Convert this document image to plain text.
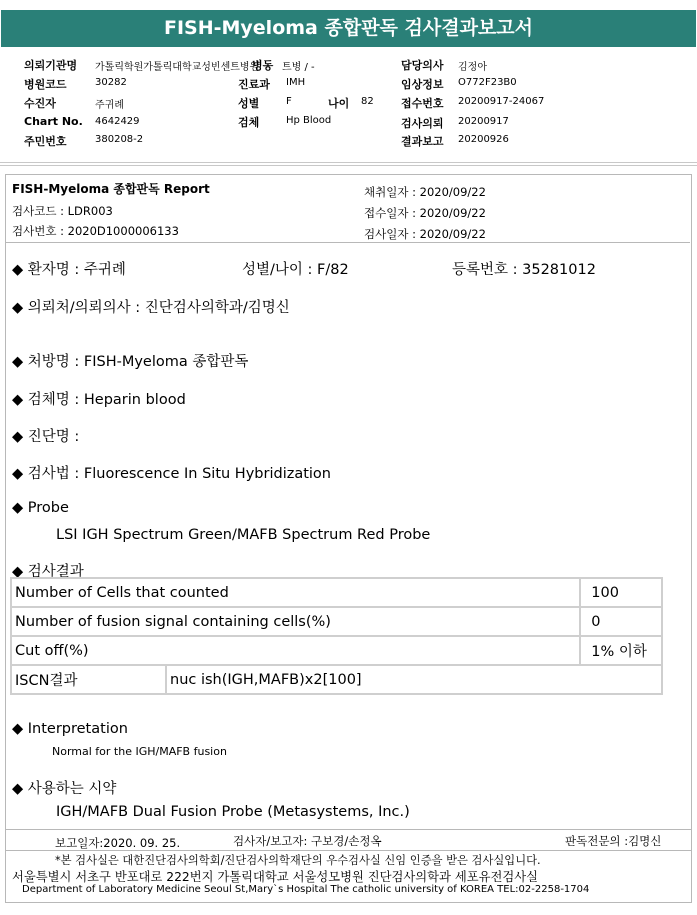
FISH-Myeloma 종합판독 검사결과보고서
의뢰기관명 가톨릭학원가톨릭대학교성빈센트병원
병동 트병 / -
병원코드	30282
수진자	주귀례
Chart No. 4642429
주민번호	380208-2
진료과 IMH
성별	F	나이 82
검체	Hp Blood
담당의사 김정아
임상정보 O772F23B0
접수번호 20200917-24067
검사의뢰 20200917
결과보고 20200926
FISH-Myeloma 종합판독 Report
검사코드 : LDR003
검사번호 : 2020D1000006133
채취일자 : 2020/09/22
접수일자 : 2020/09/22
검사일자 : 2020/09/22
◆ 환자명 : 주귀례	성별/나이 : F/82	등록번호 : 35281012
◆ 의뢰처/의뢰의사 : 진단검사의학과/김명신
◆ 처방명 : FISH-Myeloma 종합판독
◆ 검체명 : Heparin blood
◆ 진단명 :
◆ 검사법 : Fluorescence In Situ Hybridization
◆ Probe
LSI IGH Spectrum Green/MAFB Spectrum Red Probe
◆ 검사결과
Number of Cells that counted		100
Number of fusion signal containing cells(%)		0
Cut off(%)		1% 이하
ISCN결과	nuc ish(IGH,MAFB)x2[100]	
◆ Interpretation
Normal for the IGH/MAFB fusion
◆ 사용하는 시약
IGH/MAFB Dual Fusion Probe (Metasystems, Inc.)
보고일자:2020. 09. 25.	검사자/보고자: 구보경/손정옥	판독전문의 :김명신
*본 검사실은 대한진단검사의학회/진단검사의학재단의 우수검사실 신임 인증을 받은 검사실입니다.
서울특별시 서초구 반포대로 222번지 가톨릭대학교 서울성모병원 진단검사의학과 세포유전검사실
Department of Laboratory Medicine Seoul St,Mary`s Hospital The catholic university of KOREA TEL:02-2258-1704
